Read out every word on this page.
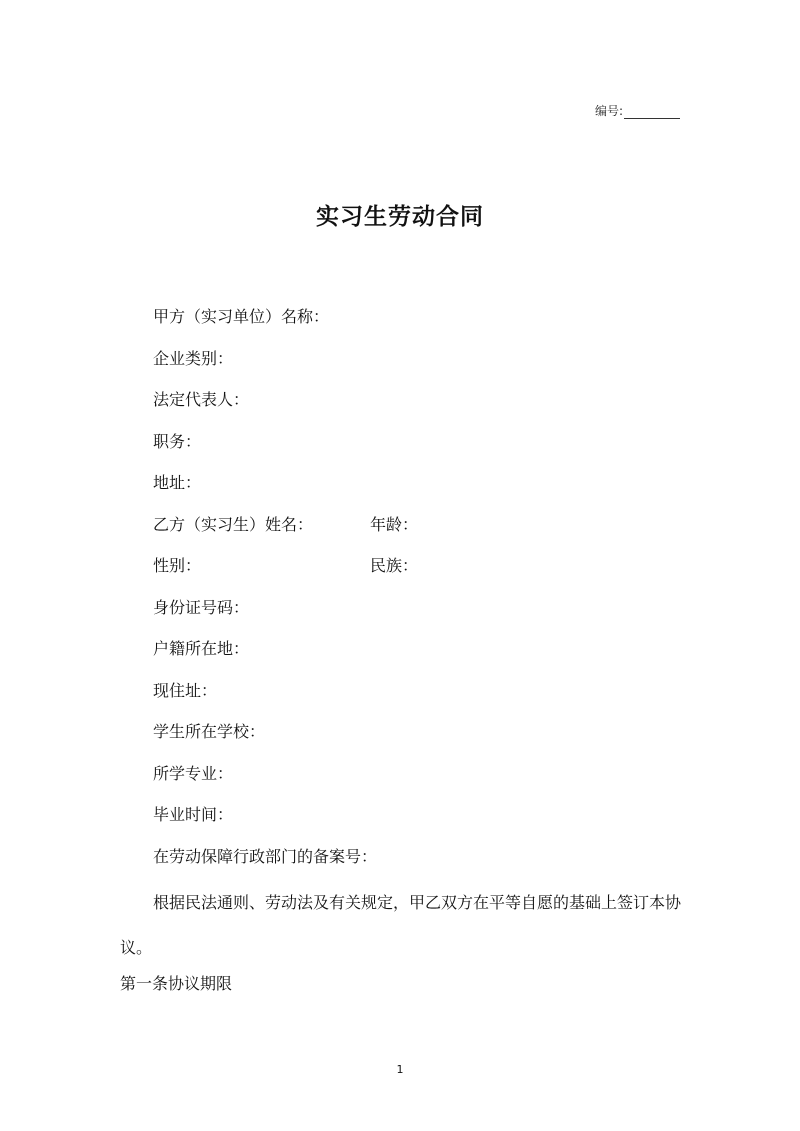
编号:
实习生劳动合同
甲方（实习单位）名称：
企业类别：
法定代表人：
职务：
地址：
乙方（实习生）姓名：	年龄：
性别：	民族：
身份证号码：
户籍所在地：
现住址：
学生所在学校：
所学专业：
毕业时间：
在劳动保障行政部门的备案号：

根据民法通则、劳动法及有关规定，甲乙双方在平等自愿的基础上签订本协议。

第一条协议期限
1
